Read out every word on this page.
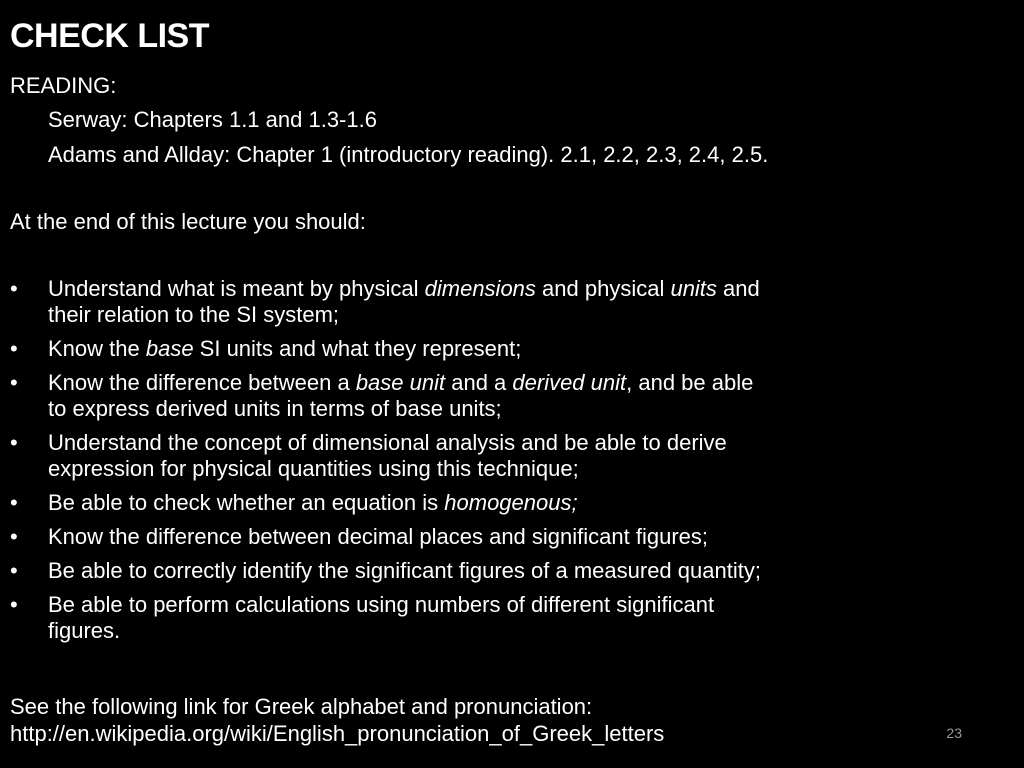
CHECK LIST
READING:
Serway: Chapters 1.1 and 1.3-1.6
Adams and Allday: Chapter 1 (introductory reading). 2.1, 2.2, 2.3, 2.4, 2.5.
At the end of this lecture you should:
• Understand what is meant by physical dimensions and physical units and
their relation to the SI system;
• Know the base SI units and what they represent;
• Know the difference between a base unit and a derived unit, and be able
to express derived units in terms of base units;
• Understand the concept of dimensional analysis and be able to derive
expression for physical quantities using this technique;
• Be able to check whether an equation is homogenous;
• Know the difference between decimal places and significant figures;
• Be able to correctly identify the significant figures of a measured quantity;
• Be able to perform calculations using numbers of different significant
figures.
See the following link for Greek alphabet and pronunciation:
http://en.wikipedia.org/wiki/English_pronunciation_of_Greek_letters	23
